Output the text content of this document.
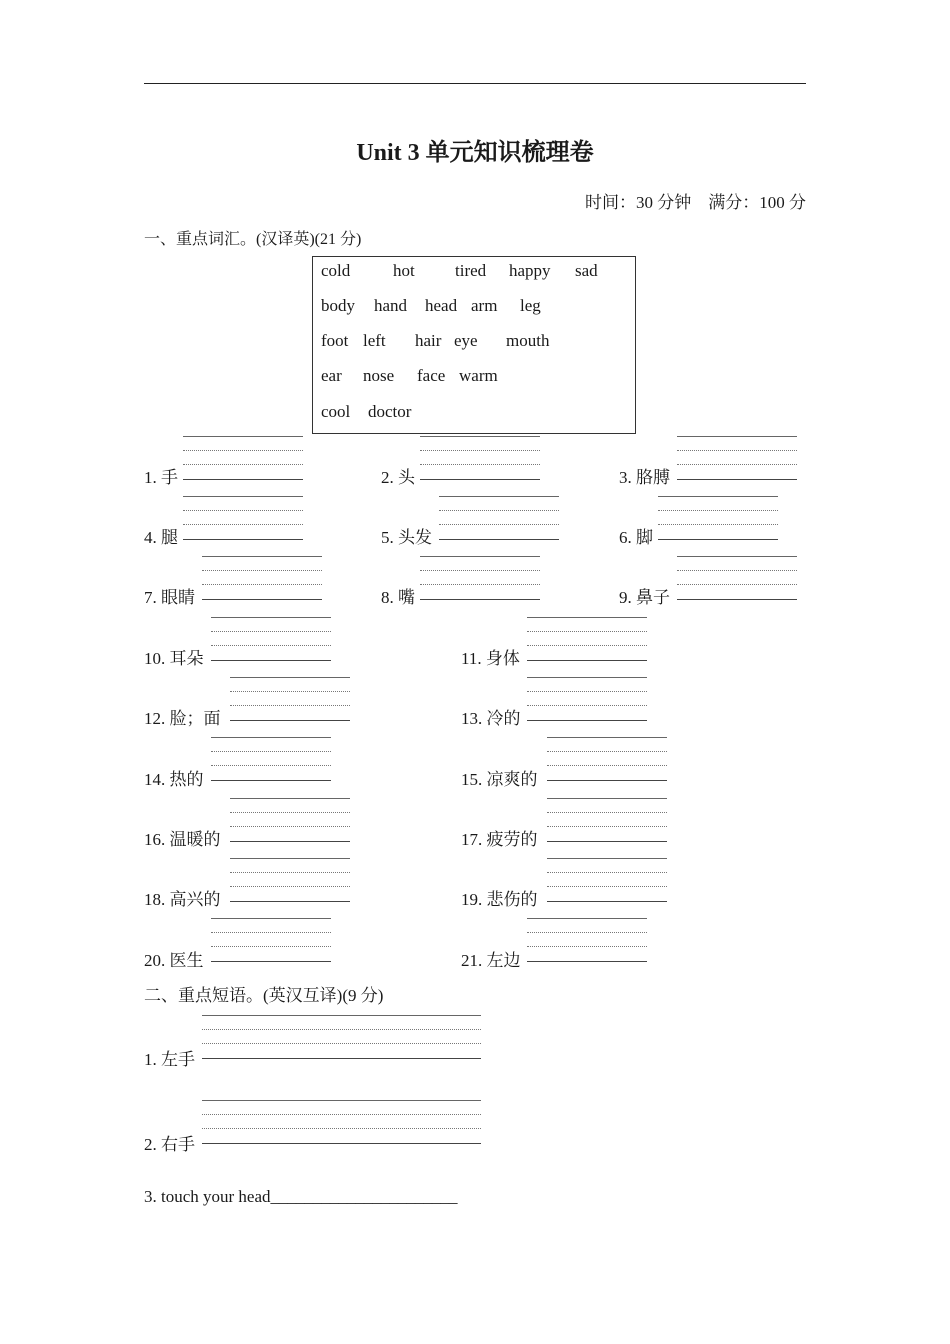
Unit 3 单元知识梳理卷
时间：30 分钟　满分：100 分
一、重点词汇。(汉译英)(21 分)
cold	hot tired happy sad
body hand head arm leg
foot left hair eye mouth
ear nose face warm
cool doctor
1. 手	2. 头	3. 胳膊
4. 腿	5. 头发	6. 脚
7. 眼睛	8. 嘴	9. 鼻子
10. 耳朵	11. 身体
12. 脸；面	13. 冷的
14. 热的	15. 凉爽的
16. 温暖的	17. 疲劳的
18. 高兴的	19. 悲伤的
20. 医生	21. 左边
二、重点短语。(英汉互译)(9 分)
1. 左手
2. 右手
3. touch your head______________________
